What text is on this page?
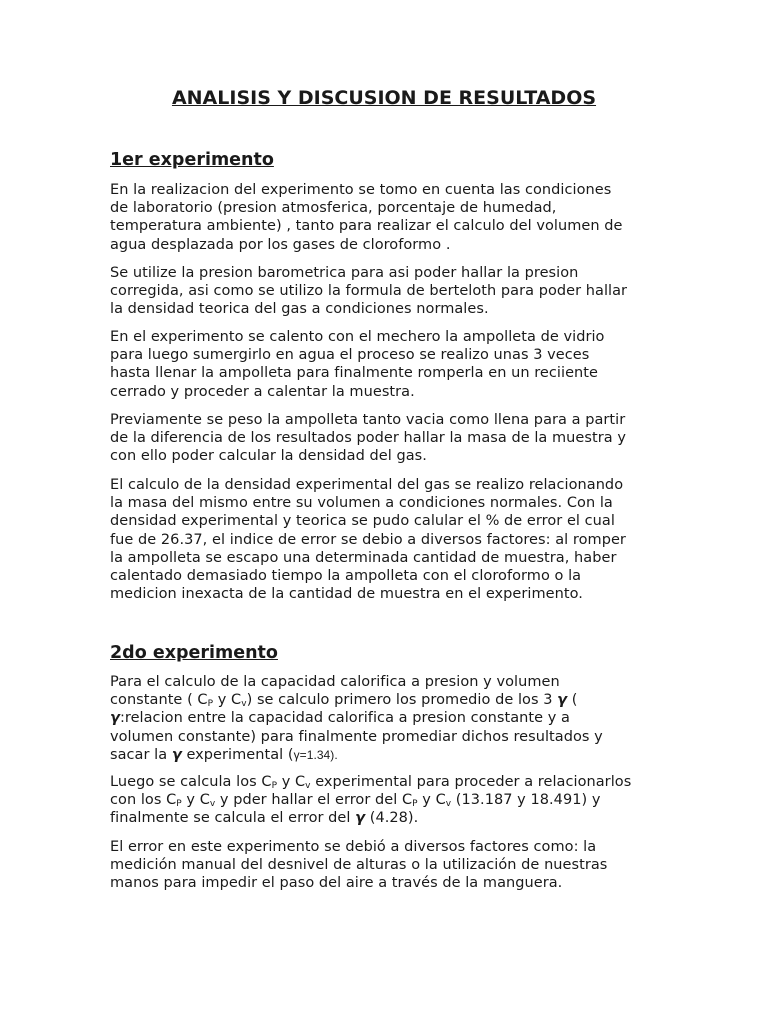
ANALISIS Y DISCUSION DE RESULTADOS
1er experimento

En la realizacion del experimento se tomo en cuenta las condiciones
de laboratorio (presion atmosferica, porcentaje de humedad,
temperatura ambiente) , tanto para realizar el calculo del volumen de
agua desplazada por los gases de cloroformo .

Se utilize la presion barometrica para asi poder hallar la presion
corregida, asi como se utilizo la formula de berteloth para poder hallar
la densidad teorica del gas a condiciones normales.

En el experimento se calento con el mechero la ampolleta de vidrio
para luego sumergirlo en agua el proceso se realizo unas 3 veces
hasta llenar la ampolleta para finalmente romperla en un reciiente
cerrado y proceder a calentar la muestra.

Previamente se peso la ampolleta tanto vacia como llena para a partir
de la diferencia de los resultados poder hallar la masa de la muestra y
con ello poder calcular la densidad del gas.

El calculo de la densidad experimental del gas se realizo relacionando
la masa del mismo entre su volumen a condiciones normales. Con la
densidad experimental y teorica se pudo calular el % de error el cual
fue de 26.37, el indice de error se debio a diversos factores: al romper
la ampolleta se escapo una determinada cantidad de muestra, haber
calentado demasiado tiempo la ampolleta con el cloroformo o la
medicion inexacta de la cantidad de muestra en el experimento.

2do experimento

Para el calculo de la capacidad calorifica a presion y volumen
constante ( $C_P$ y $C_v$) se calculo primero los promedio de los 3 γ (
γ:relacion entre la capacidad calorifica a presion constante y a
volumen constante) para finalmente promediar dichos resultados y
sacar la γ experimental (γ=1.34).

Luego se calcula los $C_P$ y $C_v$ experimental para proceder a relacionarlos
con los $C_P$ y $C_v$ y pder hallar el error del $C_P$ y $C_v$ (13.187 y 18.491) y
finalmente se calcula el error del γ (4.28).

El error en este experimento se debió a diversos factores como: la
medición manual del desnivel de alturas o la utilización de nuestras
manos para impedir el paso del aire a través de la manguera.
